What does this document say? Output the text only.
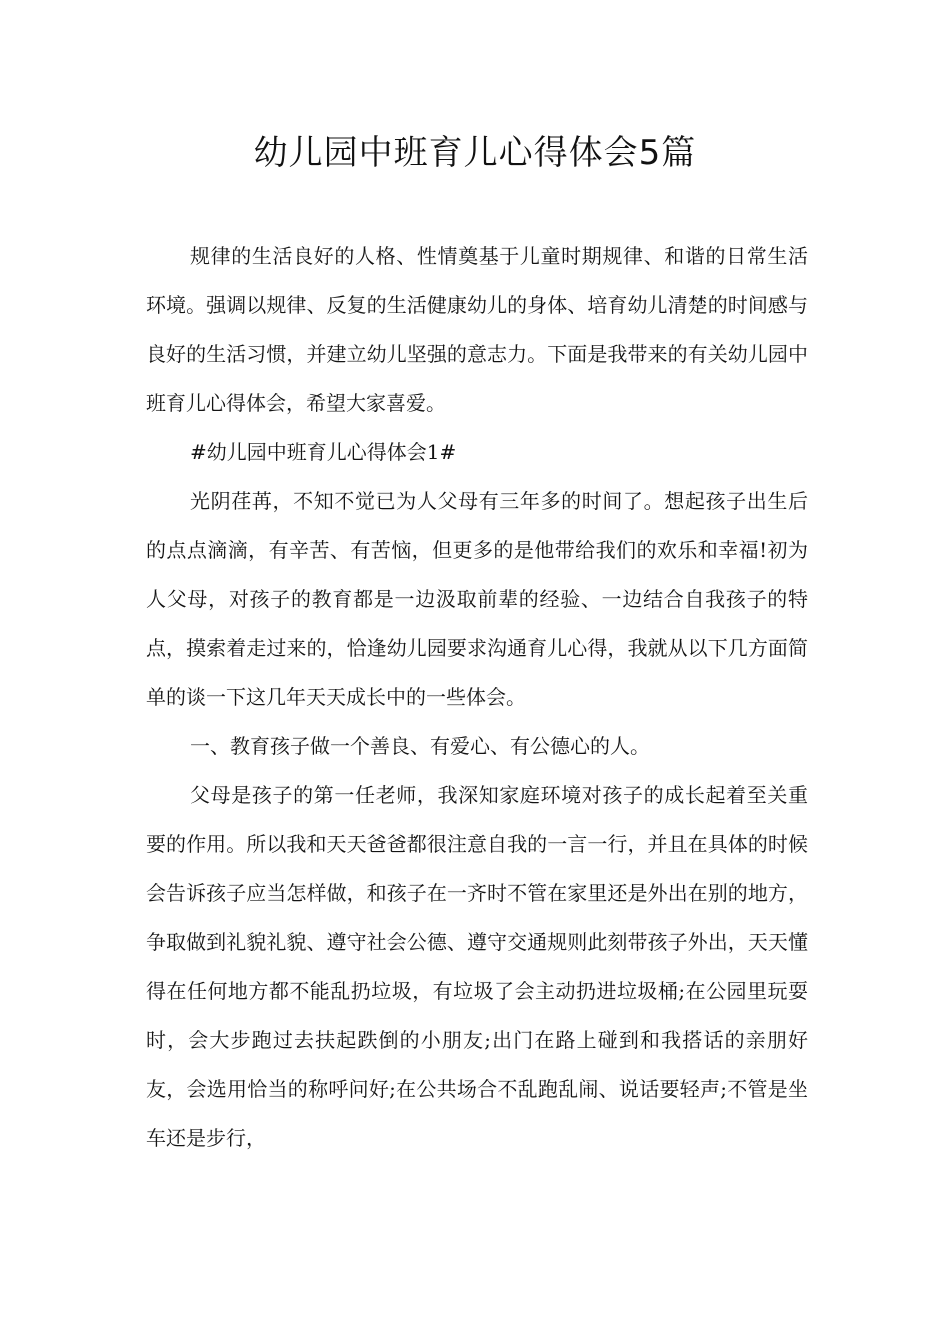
幼儿园中班育儿心得体会5篇

规律的生活良好的人格、性情奠基于儿童时期规律、和谐的日常生活环境。强调以规律、反复的生活健康幼儿的身体、培育幼儿清楚的时间感与良好的生活习惯，并建立幼儿坚强的意志力。下面是我带来的有关幼儿园中班育儿心得体会，希望大家喜爱。

#幼儿园中班育儿心得体会1#

光阴荏苒，不知不觉已为人父母有三年多的时间了。想起孩子出生后的点点滴滴，有辛苦、有苦恼，但更多的是他带给我们的欢乐和幸福!初为人父母，对孩子的教育都是一边汲取前辈的经验、一边结合自我孩子的特点，摸索着走过来的，恰逢幼儿园要求沟通育儿心得，我就从以下几方面简单的谈一下这几年天天成长中的一些体会。

一、教育孩子做一个善良、有爱心、有公德心的人。

父母是孩子的第一任老师，我深知家庭环境对孩子的成长起着至关重要的作用。所以我和天天爸爸都很注意自我的一言一行，并且在具体的时候会告诉孩子应当怎样做，和孩子在一齐时不管在家里还是外出在别的地方，争取做到礼貌礼貌、遵守社会公德、遵守交通规则此刻带孩子外出，天天懂得在任何地方都不能乱扔垃圾，有垃圾了会主动扔进垃圾桶;在公园里玩耍时，会大步跑过去扶起跌倒的小朋友;出门在路上碰到和我搭话的亲朋好友，会选用恰当的称呼问好;在公共场合不乱跑乱闹、说话要轻声;不管是坐车还是步行，
